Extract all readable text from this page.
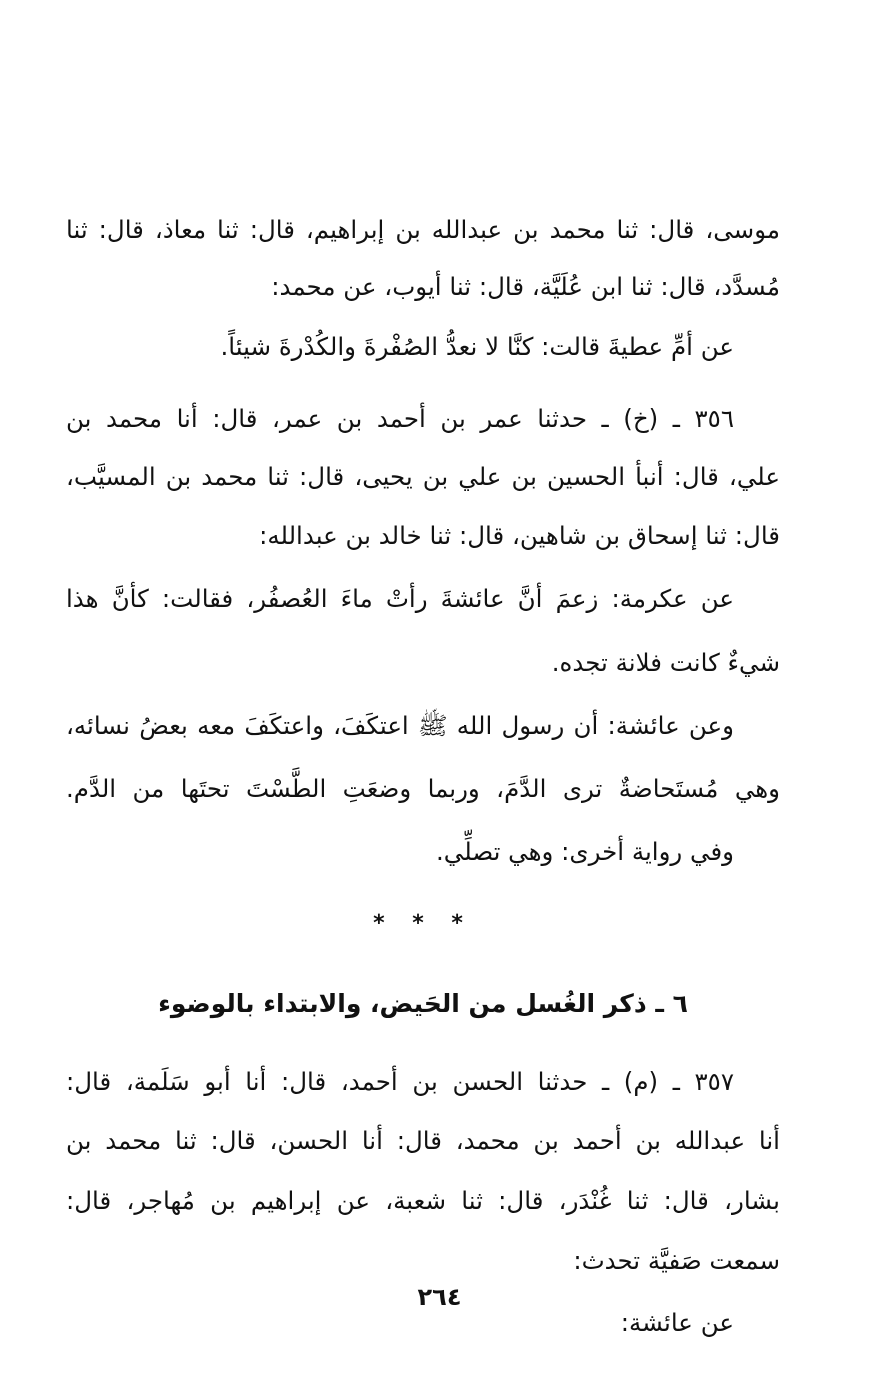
موسى، قال: ثنا محمد بن عبدالله بن إبراهيم، قال: ثنا معاذ، قال: ثنا
مُسدَّد، قال: ثنا ابن عُلَيَّة، قال: ثنا أيوب، عن محمد:
عن أمِّ عطيةَ قالت: كنَّا لا نعدُّ الصُفْرةَ والكُدْرةَ شيئاً.
٣٥٦ ـ (خ) ـ حدثنا عمر بن أحمد بن عمر، قال: أنا محمد بن
علي، قال: أنبأ الحسين بن علي بن يحيى، قال: ثنا محمد بن المسيَّب،
قال: ثنا إسحاق بن شاهين، قال: ثنا خالد بن عبدالله:
عن عكرمة: زعمَ أنَّ عائشةَ رأتْ ماءَ العُصفُر، فقالت: كأنَّ هذا
شيءٌ كانت فلانة تجده.
وعن عائشة: أن رسول الله ﷺ اعتكَفَ، واعتكَفَ معه بعضُ نسائه،
وهي مُستَحاضةٌ ترى الدَّمَ، وربما وضعَتِ الطَّسْتَ تحتَها من الدَّم.
وفي رواية أخرى: وهي تصلِّي.
* * *
٦ ـ ذكر الغُسل من الحَيض، والابتداء بالوضوء
٣٥٧ ـ (م) ـ حدثنا الحسن بن أحمد، قال: أنا أبو سَلَمة، قال:
أنا عبدالله بن أحمد بن محمد، قال: أنا الحسن، قال: ثنا محمد بن
بشار، قال: ثنا غُنْدَر، قال: ثنا شعبة، عن إبراهيم بن مُهاجر، قال:
سمعت صَفيَّة تحدث:
عن عائشة:
٢٦٤
